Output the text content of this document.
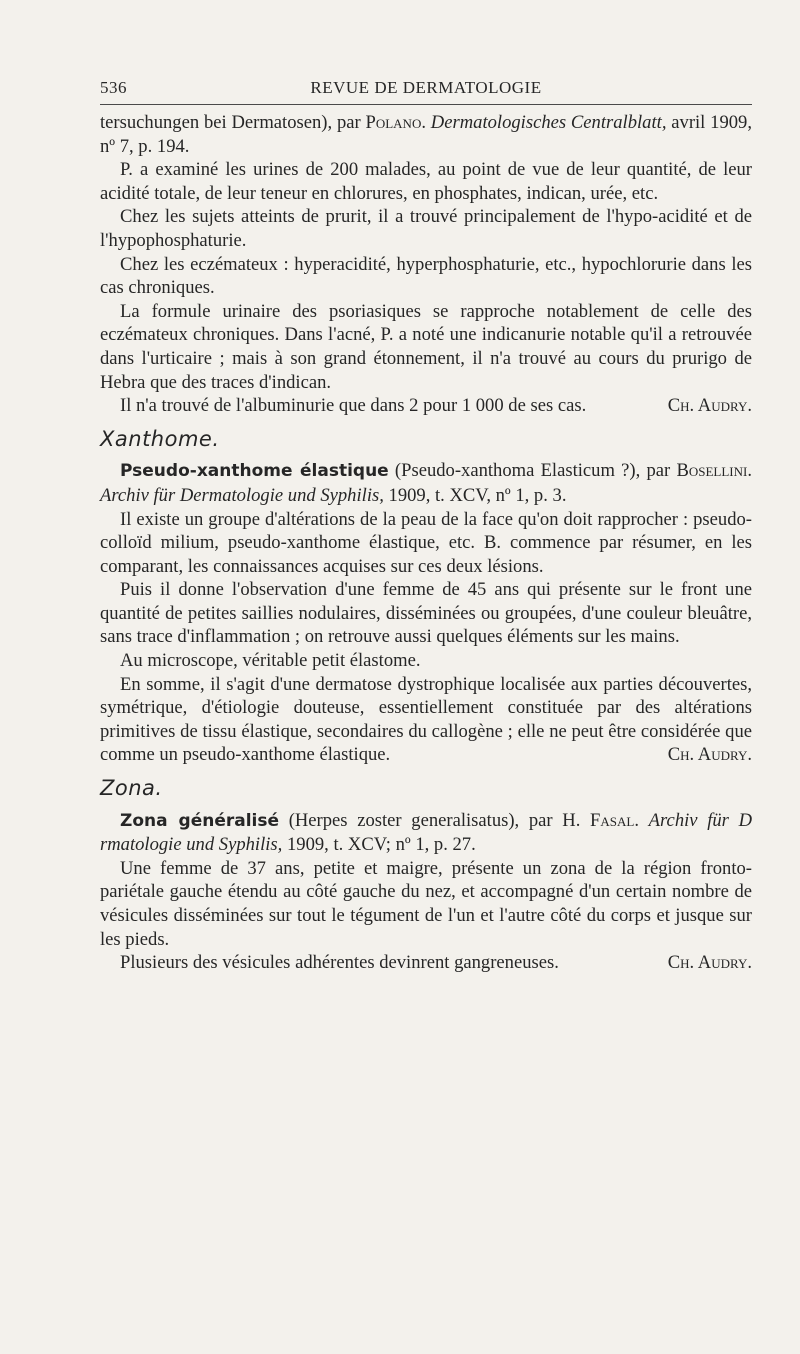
536	REVUE DE DERMATOLOGIE

tersuchungen bei Dermatosen), par Polano. Dermatologisches Centralblatt, avril 1909, nº 7, p. 194.

P. a examiné les urines de 200 malades, au point de vue de leur quantité, de leur acidité totale, de leur teneur en chlorures, en phosphates, indican, urée, etc.

Chez les sujets atteints de prurit, il a trouvé principalement de l'hypo-acidité et de l'hypophosphaturie.

Chez les eczémateux : hyperacidité, hyperphosphaturie, etc., hypochlorurie dans les cas chroniques.

La formule urinaire des psoriasiques se rapproche notablement de celle des eczémateux chroniques. Dans l'acné, P. a noté une indicanurie notable qu'il a retrouvée dans l'urticaire ; mais à son grand étonnement, il n'a trouvé au cours du prurigo de Hebra que des traces d'indican.

Ch. Audry.
Il n'a trouvé de l'albuminurie que dans 2 pour 1 000 de ses cas.

Xanthome.

Pseudo-xanthome élastique (Pseudo-xanthoma Elasticum ?), par Bosellini. Archiv für Dermatologie und Syphilis, 1909, t. XCV, nº 1, p. 3.

Il existe un groupe d'altérations de la peau de la face qu'on doit rapprocher : pseudo-colloïd milium, pseudo-xanthome élastique, etc. B. commence par résumer, en les comparant, les connaissances acquises sur ces deux lésions.

Puis il donne l'observation d'une femme de 45 ans qui présente sur le front une quantité de petites saillies nodulaires, disséminées ou groupées, d'une couleur bleuâtre, sans trace d'inflammation ; on retrouve aussi quelques éléments sur les mains.

Au microscope, véritable petit élastome.

En somme, il s'agit d'une dermatose dystrophique localisée aux parties découvertes, symétrique, d'étiologie douteuse, essentiellement constituée par des altérations primitives de tissu élastique, secondaires du callogène ; elle ne peut être considérée que comme un pseudo-xanthome élastique.	Ch. Audry.

Zona.

Zona généralisé (Herpes zoster generalisatus), par H. Fasal. Archiv für D rmatologie und Syphilis, 1909, t. XCV; nº 1, p. 27.

Une femme de 37 ans, petite et maigre, présente un zona de la région fronto-pariétale gauche étendu au côté gauche du nez, et accompagné d'un certain nombre de vésicules disséminées sur tout le tégument de l'un et l'autre côté du corps et jusque sur les pieds.

Ch. Audry.
Plusieurs des vésicules adhérentes devinrent gangreneuses.
